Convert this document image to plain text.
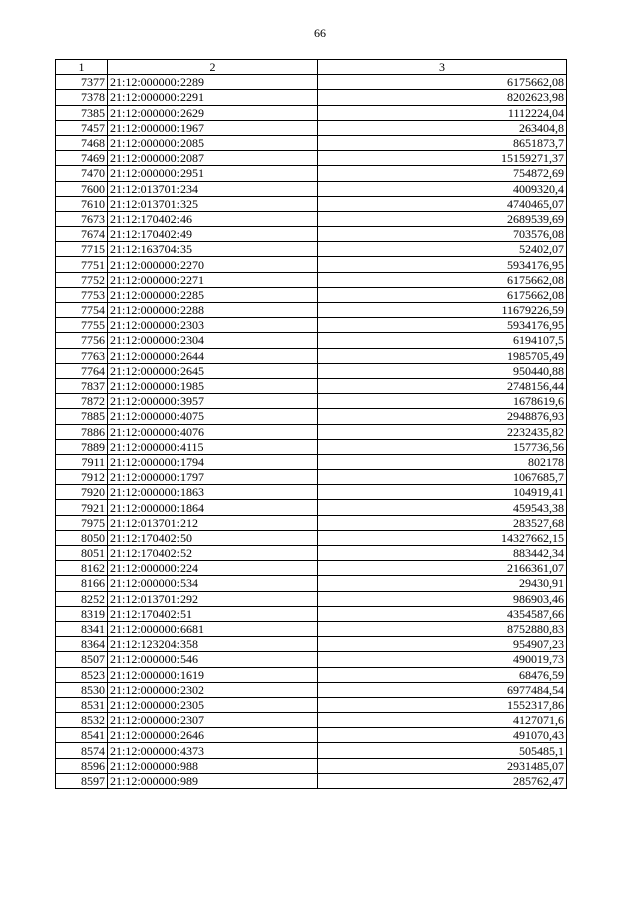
66
1	2	3
7377	21:12:000000:2289	6175662,08
7378	21:12:000000:2291	8202623,98
7385	21:12:000000:2629	1112224,04
7457	21:12:000000:1967	263404,8
7468	21:12:000000:2085	8651873,7
7469	21:12:000000:2087	15159271,37
7470	21:12:000000:2951	754872,69
7600	21:12:013701:234	4009320,4
7610	21:12:013701:325	4740465,07
7673	21:12:170402:46	2689539,69
7674	21:12:170402:49	703576,08
7715	21:12:163704:35	52402,07
7751	21:12:000000:2270	5934176,95
7752	21:12:000000:2271	6175662,08
7753	21:12:000000:2285	6175662,08
7754	21:12:000000:2288	11679226,59
7755	21:12:000000:2303	5934176,95
7756	21:12:000000:2304	6194107,5
7763	21:12:000000:2644	1985705,49
7764	21:12:000000:2645	950440,88
7837	21:12:000000:1985	2748156,44
7872	21:12:000000:3957	1678619,6
7885	21:12:000000:4075	2948876,93
7886	21:12:000000:4076	2232435,82
7889	21:12:000000:4115	157736,56
7911	21:12:000000:1794	802178
7912	21:12:000000:1797	1067685,7
7920	21:12:000000:1863	104919,41
7921	21:12:000000:1864	459543,38
7975	21:12:013701:212	283527,68
8050	21:12:170402:50	14327662,15
8051	21:12:170402:52	883442,34
8162	21:12:000000:224	2166361,07
8166	21:12:000000:534	29430,91
8252	21:12:013701:292	986903,46
8319	21:12:170402:51	4354587,66
8341	21:12:000000:6681	8752880,83
8364	21:12:123204:358	954907,23
8507	21:12:000000:546	490019,73
8523	21:12:000000:1619	68476,59
8530	21:12:000000:2302	6977484,54
8531	21:12:000000:2305	1552317,86
8532	21:12:000000:2307	4127071,6
8541	21:12:000000:2646	491070,43
8574	21:12:000000:4373	505485,1
8596	21:12:000000:988	2931485,07
8597	21:12:000000:989	285762,47
